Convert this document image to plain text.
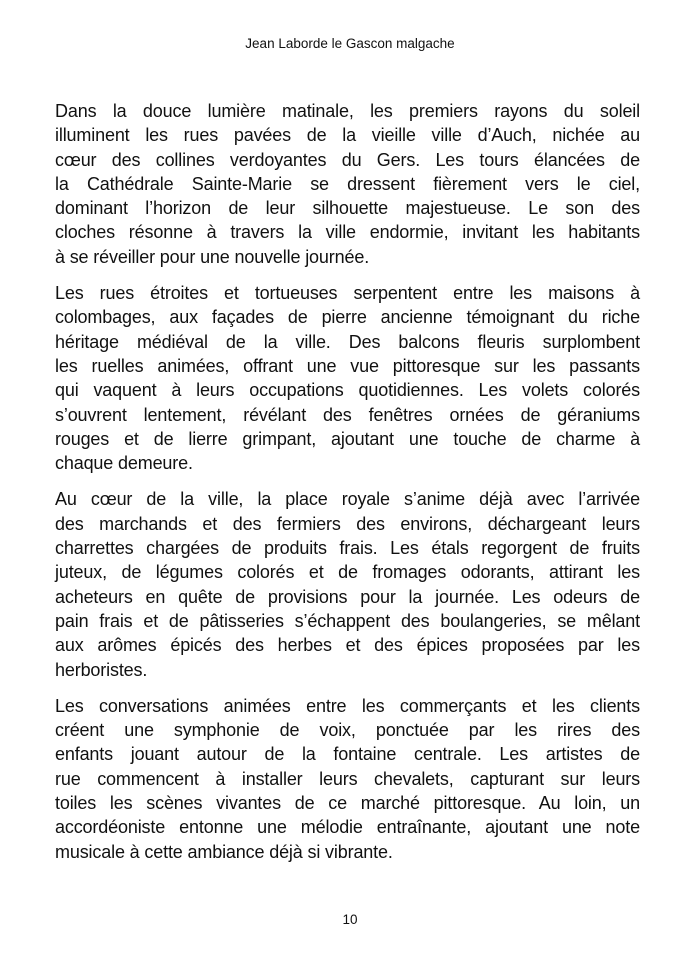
Jean Laborde le Gascon malgache
Dans la douce lumière matinale, les premiers rayons du soleil
illuminent les rues pavées de la vieille ville d’Auch, nichée au
cœur des collines verdoyantes du Gers. Les tours élancées de
la Cathédrale Sainte-Marie se dressent fièrement vers le ciel,
dominant l’horizon de leur silhouette majestueuse. Le son des
cloches résonne à travers la ville endormie, invitant les habitants
à se réveiller pour une nouvelle journée.
Les rues étroites et tortueuses serpentent entre les maisons à
colombages, aux façades de pierre ancienne témoignant du riche
héritage médiéval de la ville. Des balcons fleuris surplombent
les ruelles animées, offrant une vue pittoresque sur les passants
qui vaquent à leurs occupations quotidiennes. Les volets colorés
s’ouvrent lentement, révélant des fenêtres ornées de géraniums
rouges et de lierre grimpant, ajoutant une touche de charme à
chaque demeure.
Au cœur de la ville, la place royale s’anime déjà avec l’arrivée
des marchands et des fermiers des environs, déchargeant leurs
charrettes chargées de produits frais. Les étals regorgent de fruits
juteux, de légumes colorés et de fromages odorants, attirant les
acheteurs en quête de provisions pour la journée. Les odeurs de
pain frais et de pâtisseries s’échappent des boulangeries, se mêlant
aux arômes épicés des herbes et des épices proposées par les
herboristes.
Les conversations animées entre les commerçants et les clients
créent une symphonie de voix, ponctuée par les rires des
enfants jouant autour de la fontaine centrale. Les artistes de
rue commencent à installer leurs chevalets, capturant sur leurs
toiles les scènes vivantes de ce marché pittoresque. Au loin, un
accordéoniste entonne une mélodie entraînante, ajoutant une note
musicale à cette ambiance déjà si vibrante.
10
